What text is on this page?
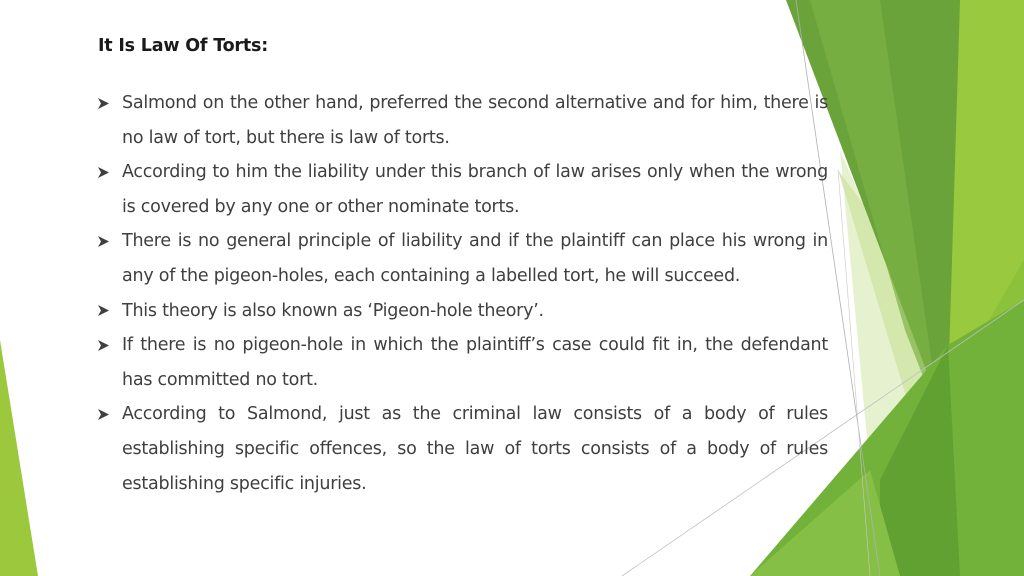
It Is Law Of Torts:
Salmond on the other hand, preferred the second alternative and for him, there is no law of tort, but there is law of torts.
According to him the liability under this branch of law arises only when the wrong is covered by any one or other nominate torts.
There is no general principle of liability and if the plaintiff can place his wrong in any of the pigeon-holes, each containing a labelled tort, he will succeed.
This theory is also known as ‘Pigeon-hole theory’.
If there is no pigeon-hole in which the plaintiff’s case could fit in, the defendant has committed no tort.
According to Salmond, just as the criminal law consists of a body of rules establishing specific offences, so the law of torts consists of a body of rules establishing specific injuries.
